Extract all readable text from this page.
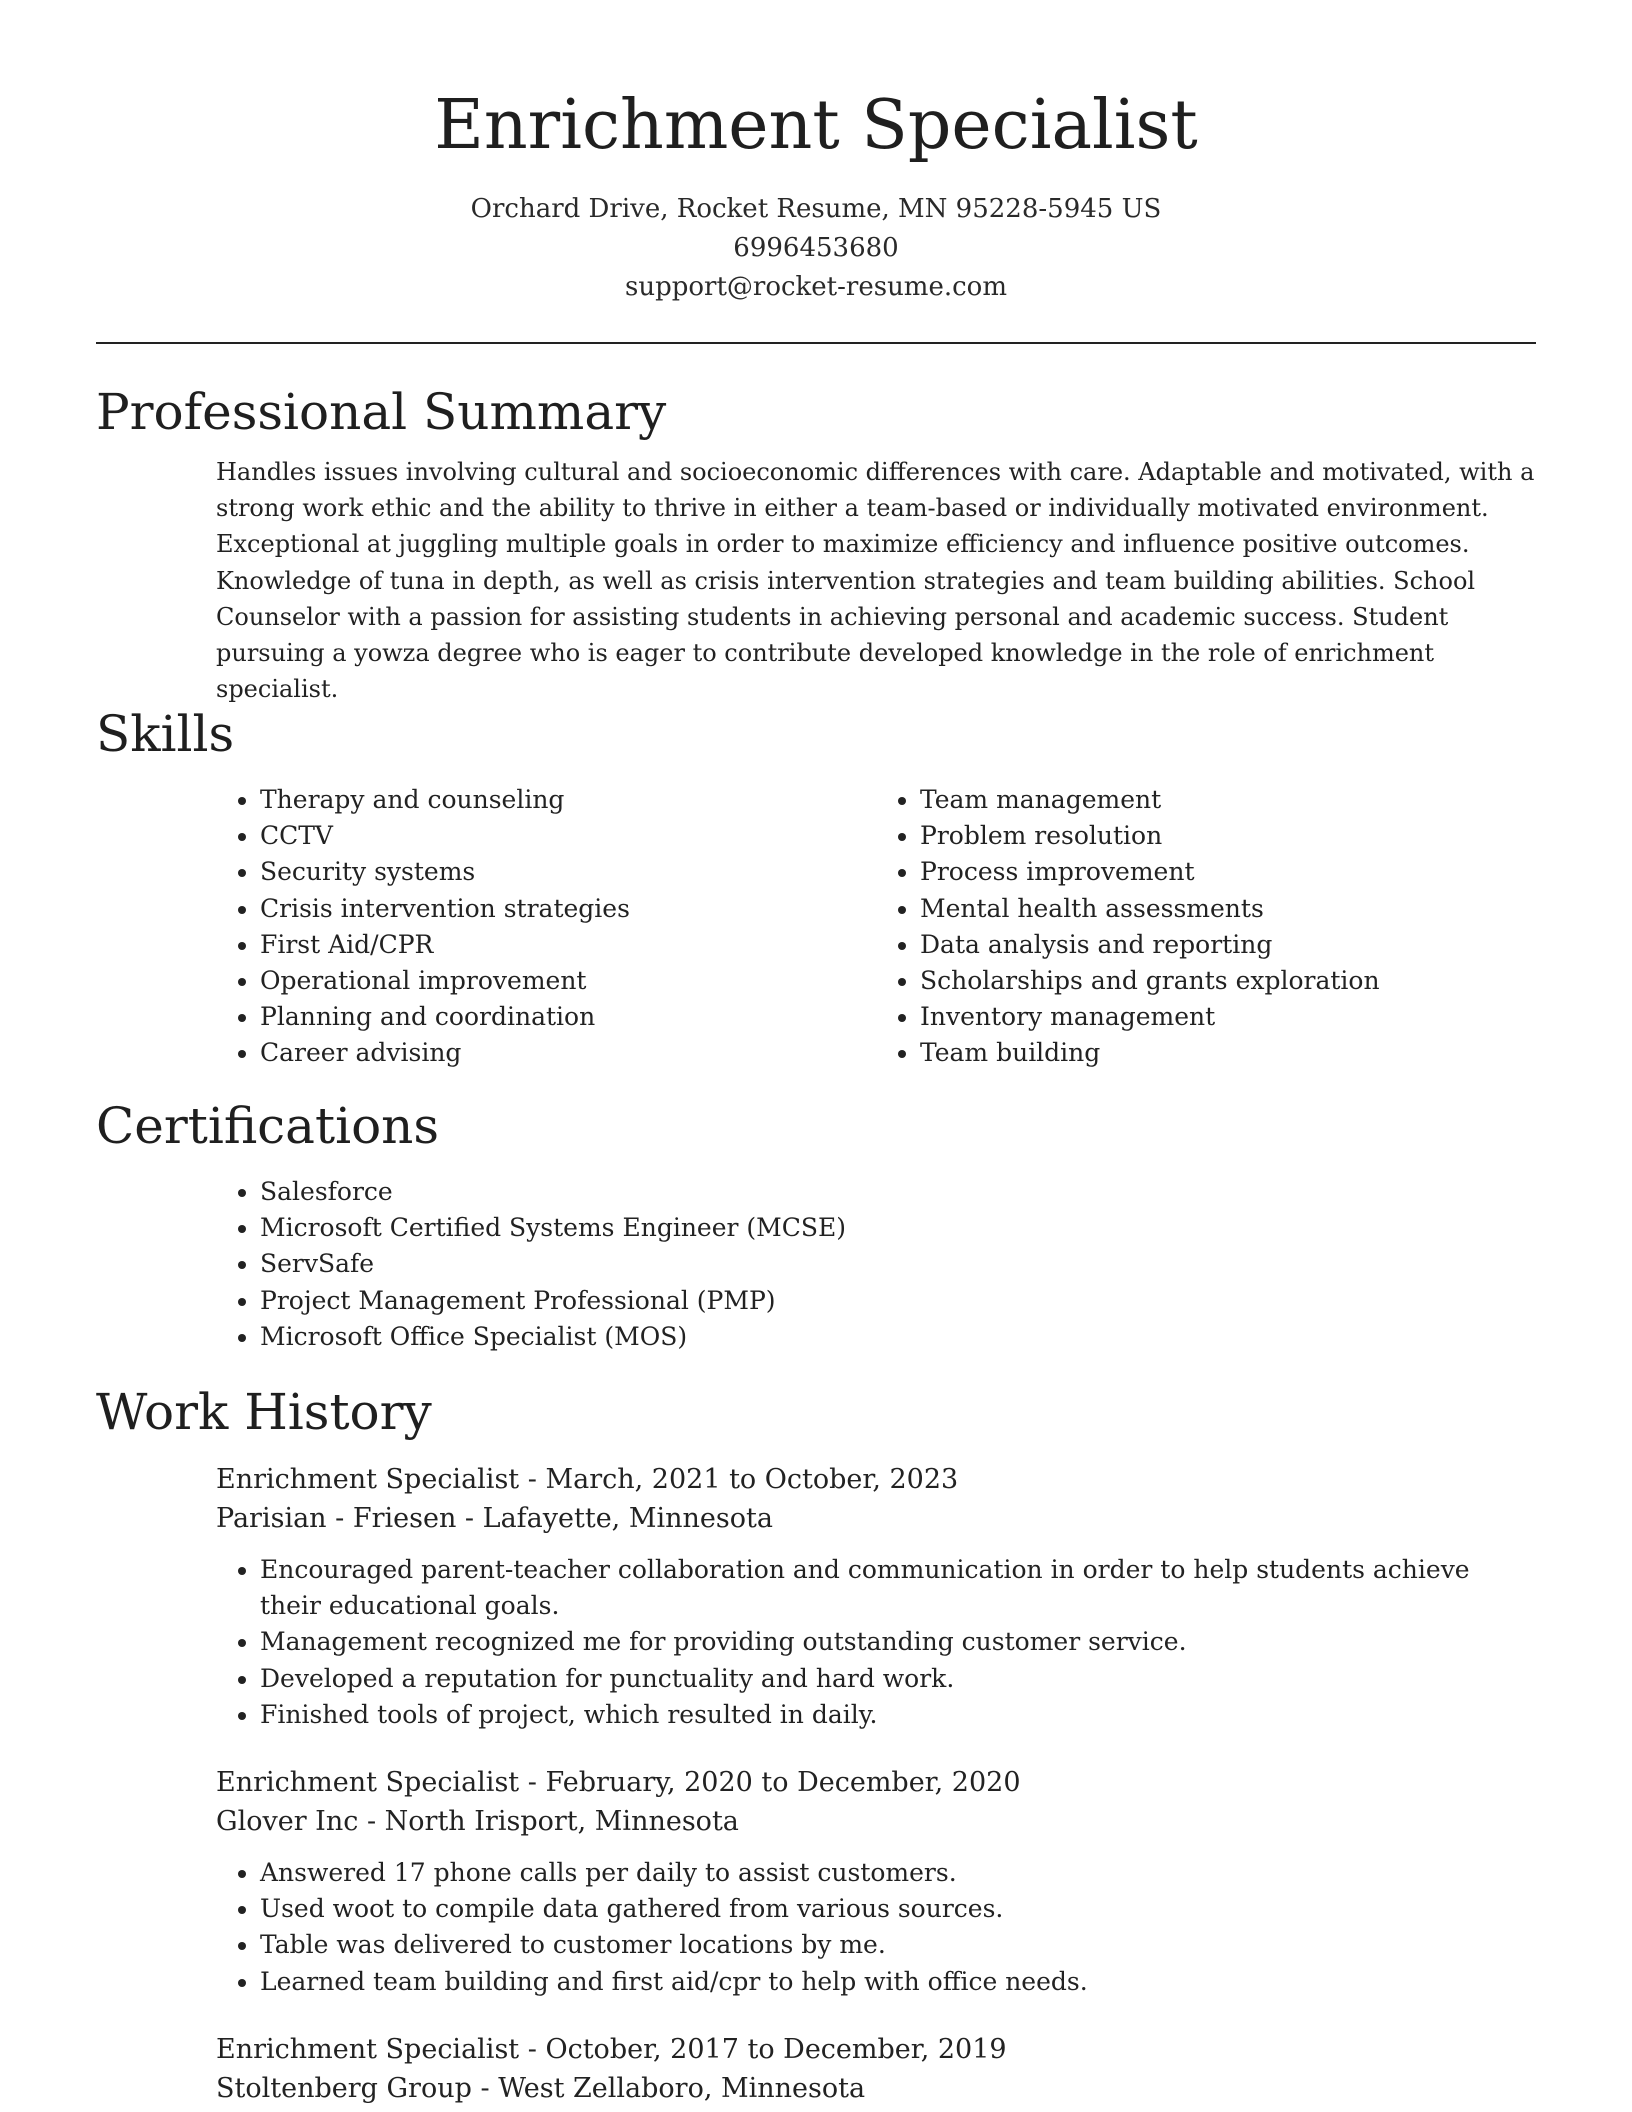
Enrichment Specialist
Orchard Drive, Rocket Resume, MN 95228-5945 US
6996453680
support@rocket-resume.com
Professional Summary
Handles issues involving cultural and socioeconomic differences with care. Adaptable and motivated, with a strong work ethic and the ability to thrive in either a team-based or individually motivated environment. Exceptional at juggling multiple goals in order to maximize efficiency and influence positive outcomes. Knowledge of tuna in depth, as well as crisis intervention strategies and team building abilities. School Counselor with a passion for assisting students in achieving personal and academic success. Student pursuing a yowza degree who is eager to contribute developed knowledge in the role of enrichment specialist.
Skills
• Therapy and counseling
• CCTV
• Security systems
• Crisis intervention strategies
• First Aid/CPR
• Operational improvement
• Planning and coordination
• Career advising
• Team management
• Problem resolution
• Process improvement
• Mental health assessments
• Data analysis and reporting
• Scholarships and grants exploration
• Inventory management
• Team building
Certifications
• Salesforce
• Microsoft Certified Systems Engineer (MCSE)
• ServSafe
• Project Management Professional (PMP)
• Microsoft Office Specialist (MOS)
Work History
Enrichment Specialist - March, 2021 to October, 2023
Parisian - Friesen - Lafayette, Minnesota
• Encouraged parent-teacher collaboration and communication in order to help students achieve their educational goals.
• Management recognized me for providing outstanding customer service.
• Developed a reputation for punctuality and hard work.
• Finished tools of project, which resulted in daily.
Enrichment Specialist - February, 2020 to December, 2020
Glover Inc - North Irisport, Minnesota
• Answered 17 phone calls per daily to assist customers.
• Used woot to compile data gathered from various sources.
• Table was delivered to customer locations by me.
• Learned team building and first aid/cpr to help with office needs.
Enrichment Specialist - October, 2017 to December, 2019
Stoltenberg Group - West Zellaboro, Minnesota
